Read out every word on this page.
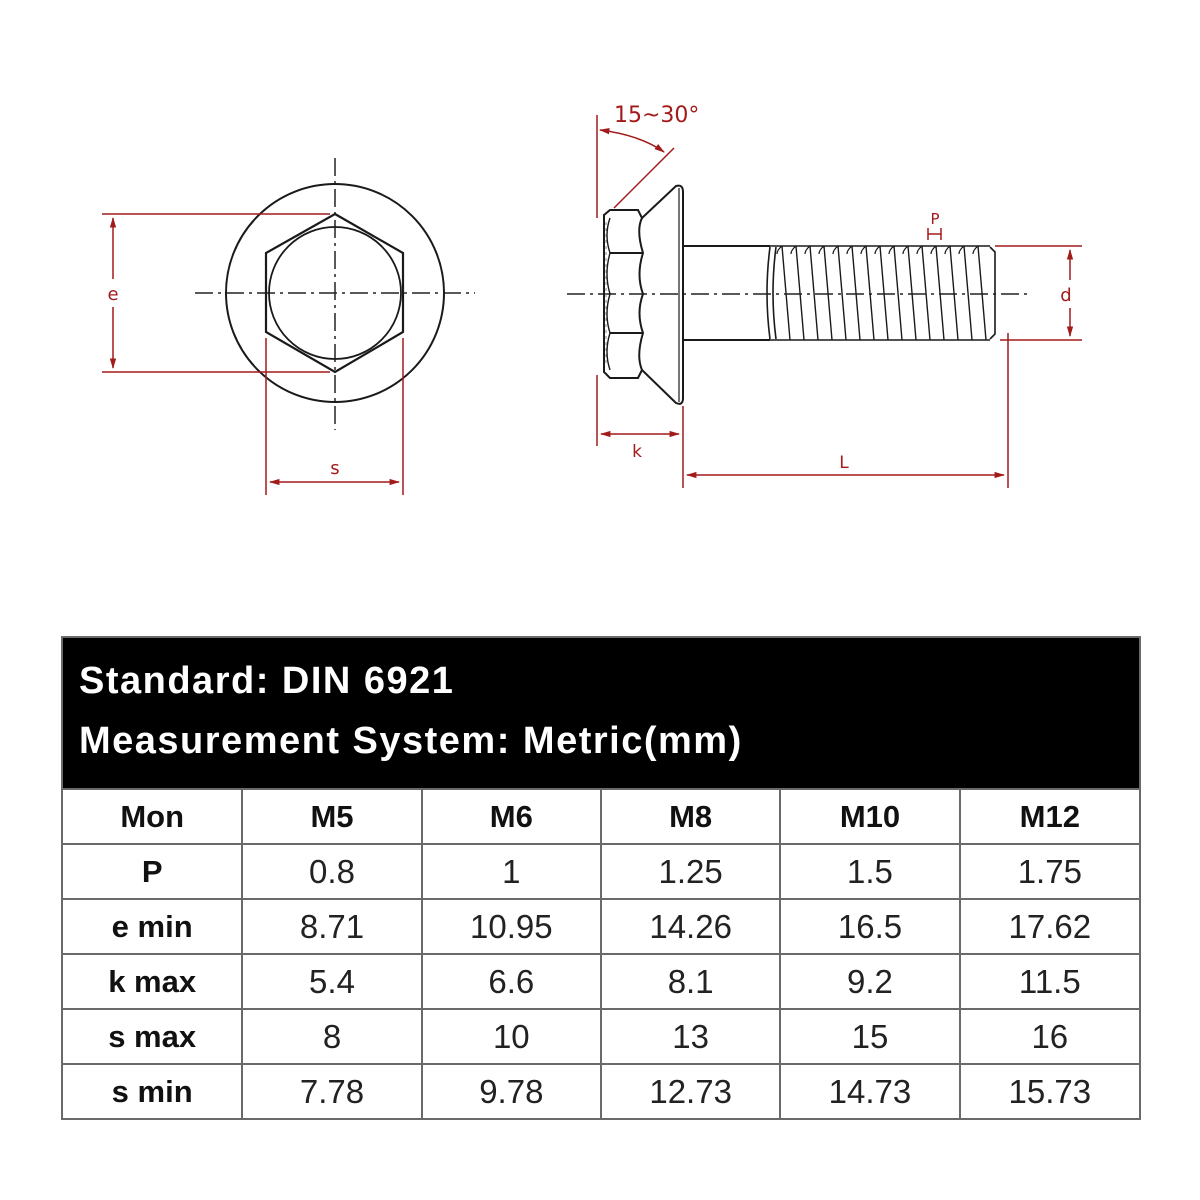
e
s
15~30°
P
d
k
L
Standard: DIN 6921
Measurement System: Metric(mm)
Mon	M5	M6	M8	M10	M12
P	0.8	1	1.25	1.5	1.75
e min	8.71	10.95	14.26	16.5	17.62
k max	5.4	6.6	8.1	9.2	11.5
s max	8	10	13	15	16
s min	7.78	9.78	12.73	14.73	15.73
